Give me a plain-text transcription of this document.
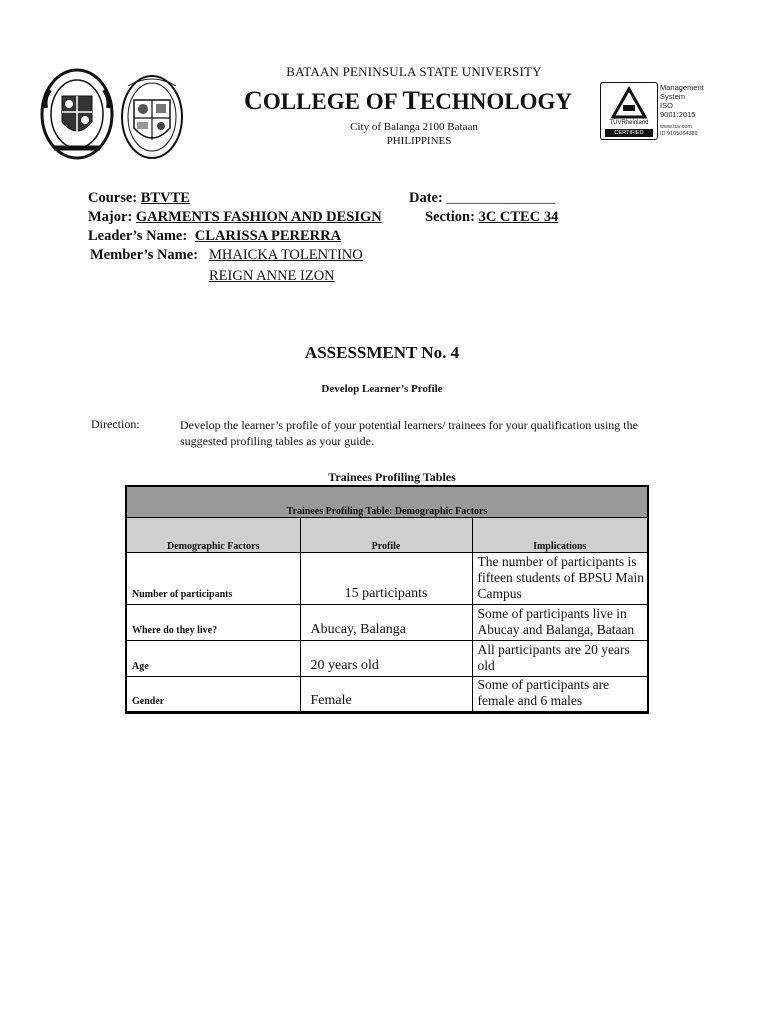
BATAAN PENINSULA STATE UNIVERSITY
COLLEGE OF TECHNOLOGY
City of Balanga 2100 Bataan
PHILIPPINES
TÜVRheinland
CERTIFIED
Management
System
ISO 9001:2015
www.tuv.com
ID 9105064389
Course: BTVTE	Date: _______________
Major: GARMENTS FASHION AND DESIGN	Section: 3C CTEC 34
Leader’s Name: CLARISSA PERERRA
Member’s Name: MHAICKA TOLENTINO
REIGN ANNE IZON
ASSESSMENT No. 4
Develop Learner’s Profile
Direction:	Develop the learner’s profile of your potential learners/ trainees for your qualification using the suggested profiling tables as your guide.
Trainees Profiling Tables
Trainees Profiling Table: Demographic Factors		
Demographic Factors	Profile	Implications
Number of participants	15 participants	The number of participants is fifteen students of BPSU Main Campus
Where do they live?	Abucay, Balanga	Some of participants live in Abucay and Balanga, Bataan
Age	20 years old	All participants are 20 years old
Gender	Female	Some of participants are female and 6 males
